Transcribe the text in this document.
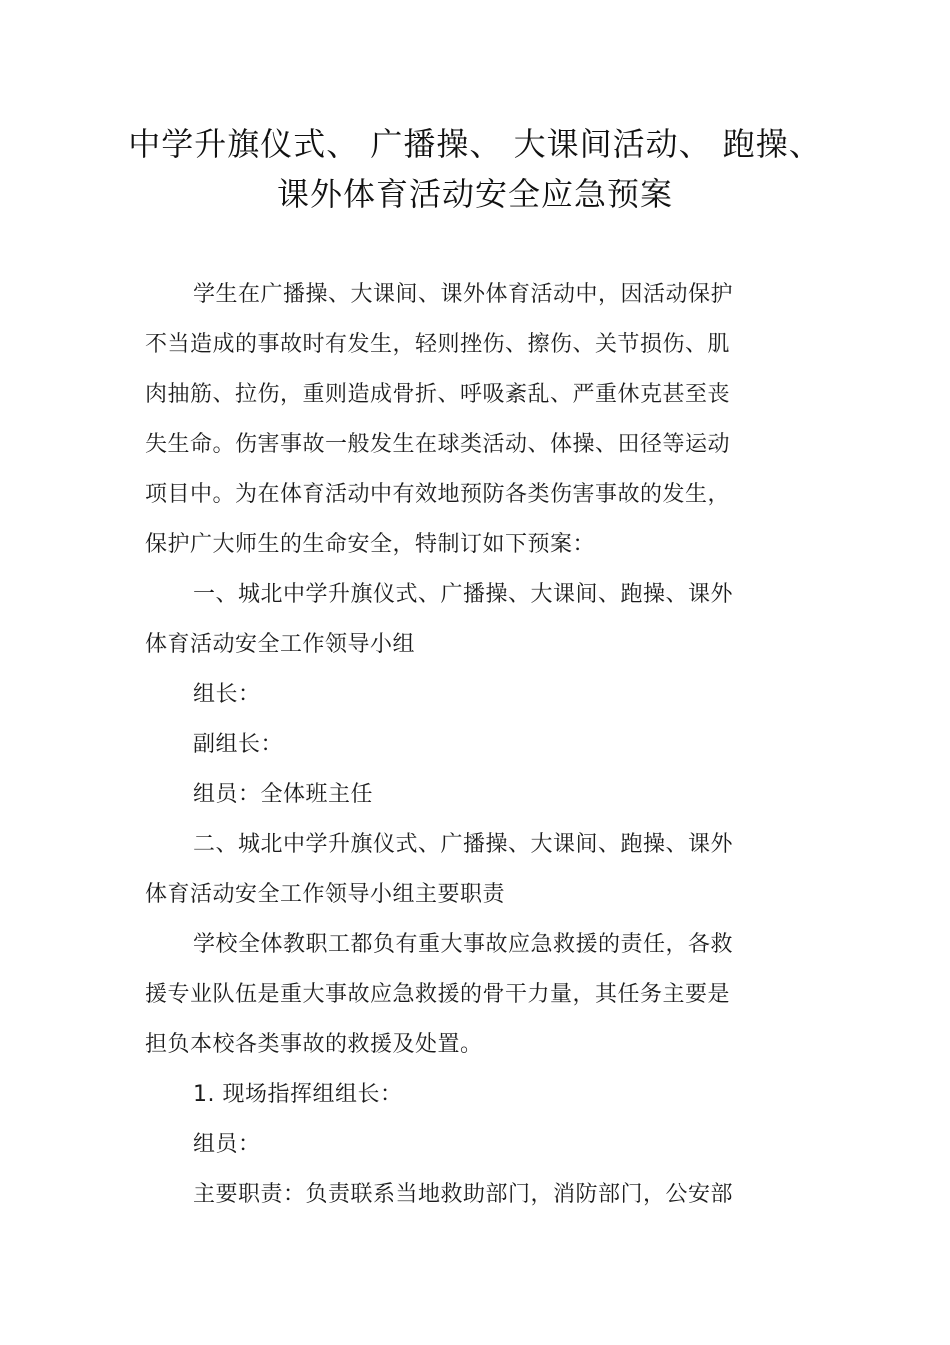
中学升旗仪式、 广播操、 大课间活动、 跑操、
课外体育活动安全应急预案
学生在广播操、大课间、课外体育活动中，因活动保护
不当造成的事故时有发生，轻则挫伤、擦伤、关节损伤、肌
肉抽筋、拉伤，重则造成骨折、呼吸紊乱、严重休克甚至丧
失生命。伤害事故一般发生在球类活动、体操、田径等运动
项目中。为在体育活动中有效地预防各类伤害事故的发生，
保护广大师生的生命安全，特制订如下预案：
一、城北中学升旗仪式、广播操、大课间、跑操、课外
体育活动安全工作领导小组
组长：
副组长：
组员：全体班主任
二、城北中学升旗仪式、广播操、大课间、跑操、课外
体育活动安全工作领导小组主要职责
学校全体教职工都负有重大事故应急救援的责任，各救
援专业队伍是重大事故应急救援的骨干力量，其任务主要是
担负本校各类事故的救援及处置。
1. 现场指挥组组长：
组员：
主要职责：负责联系当地救助部门，消防部门，公安部
